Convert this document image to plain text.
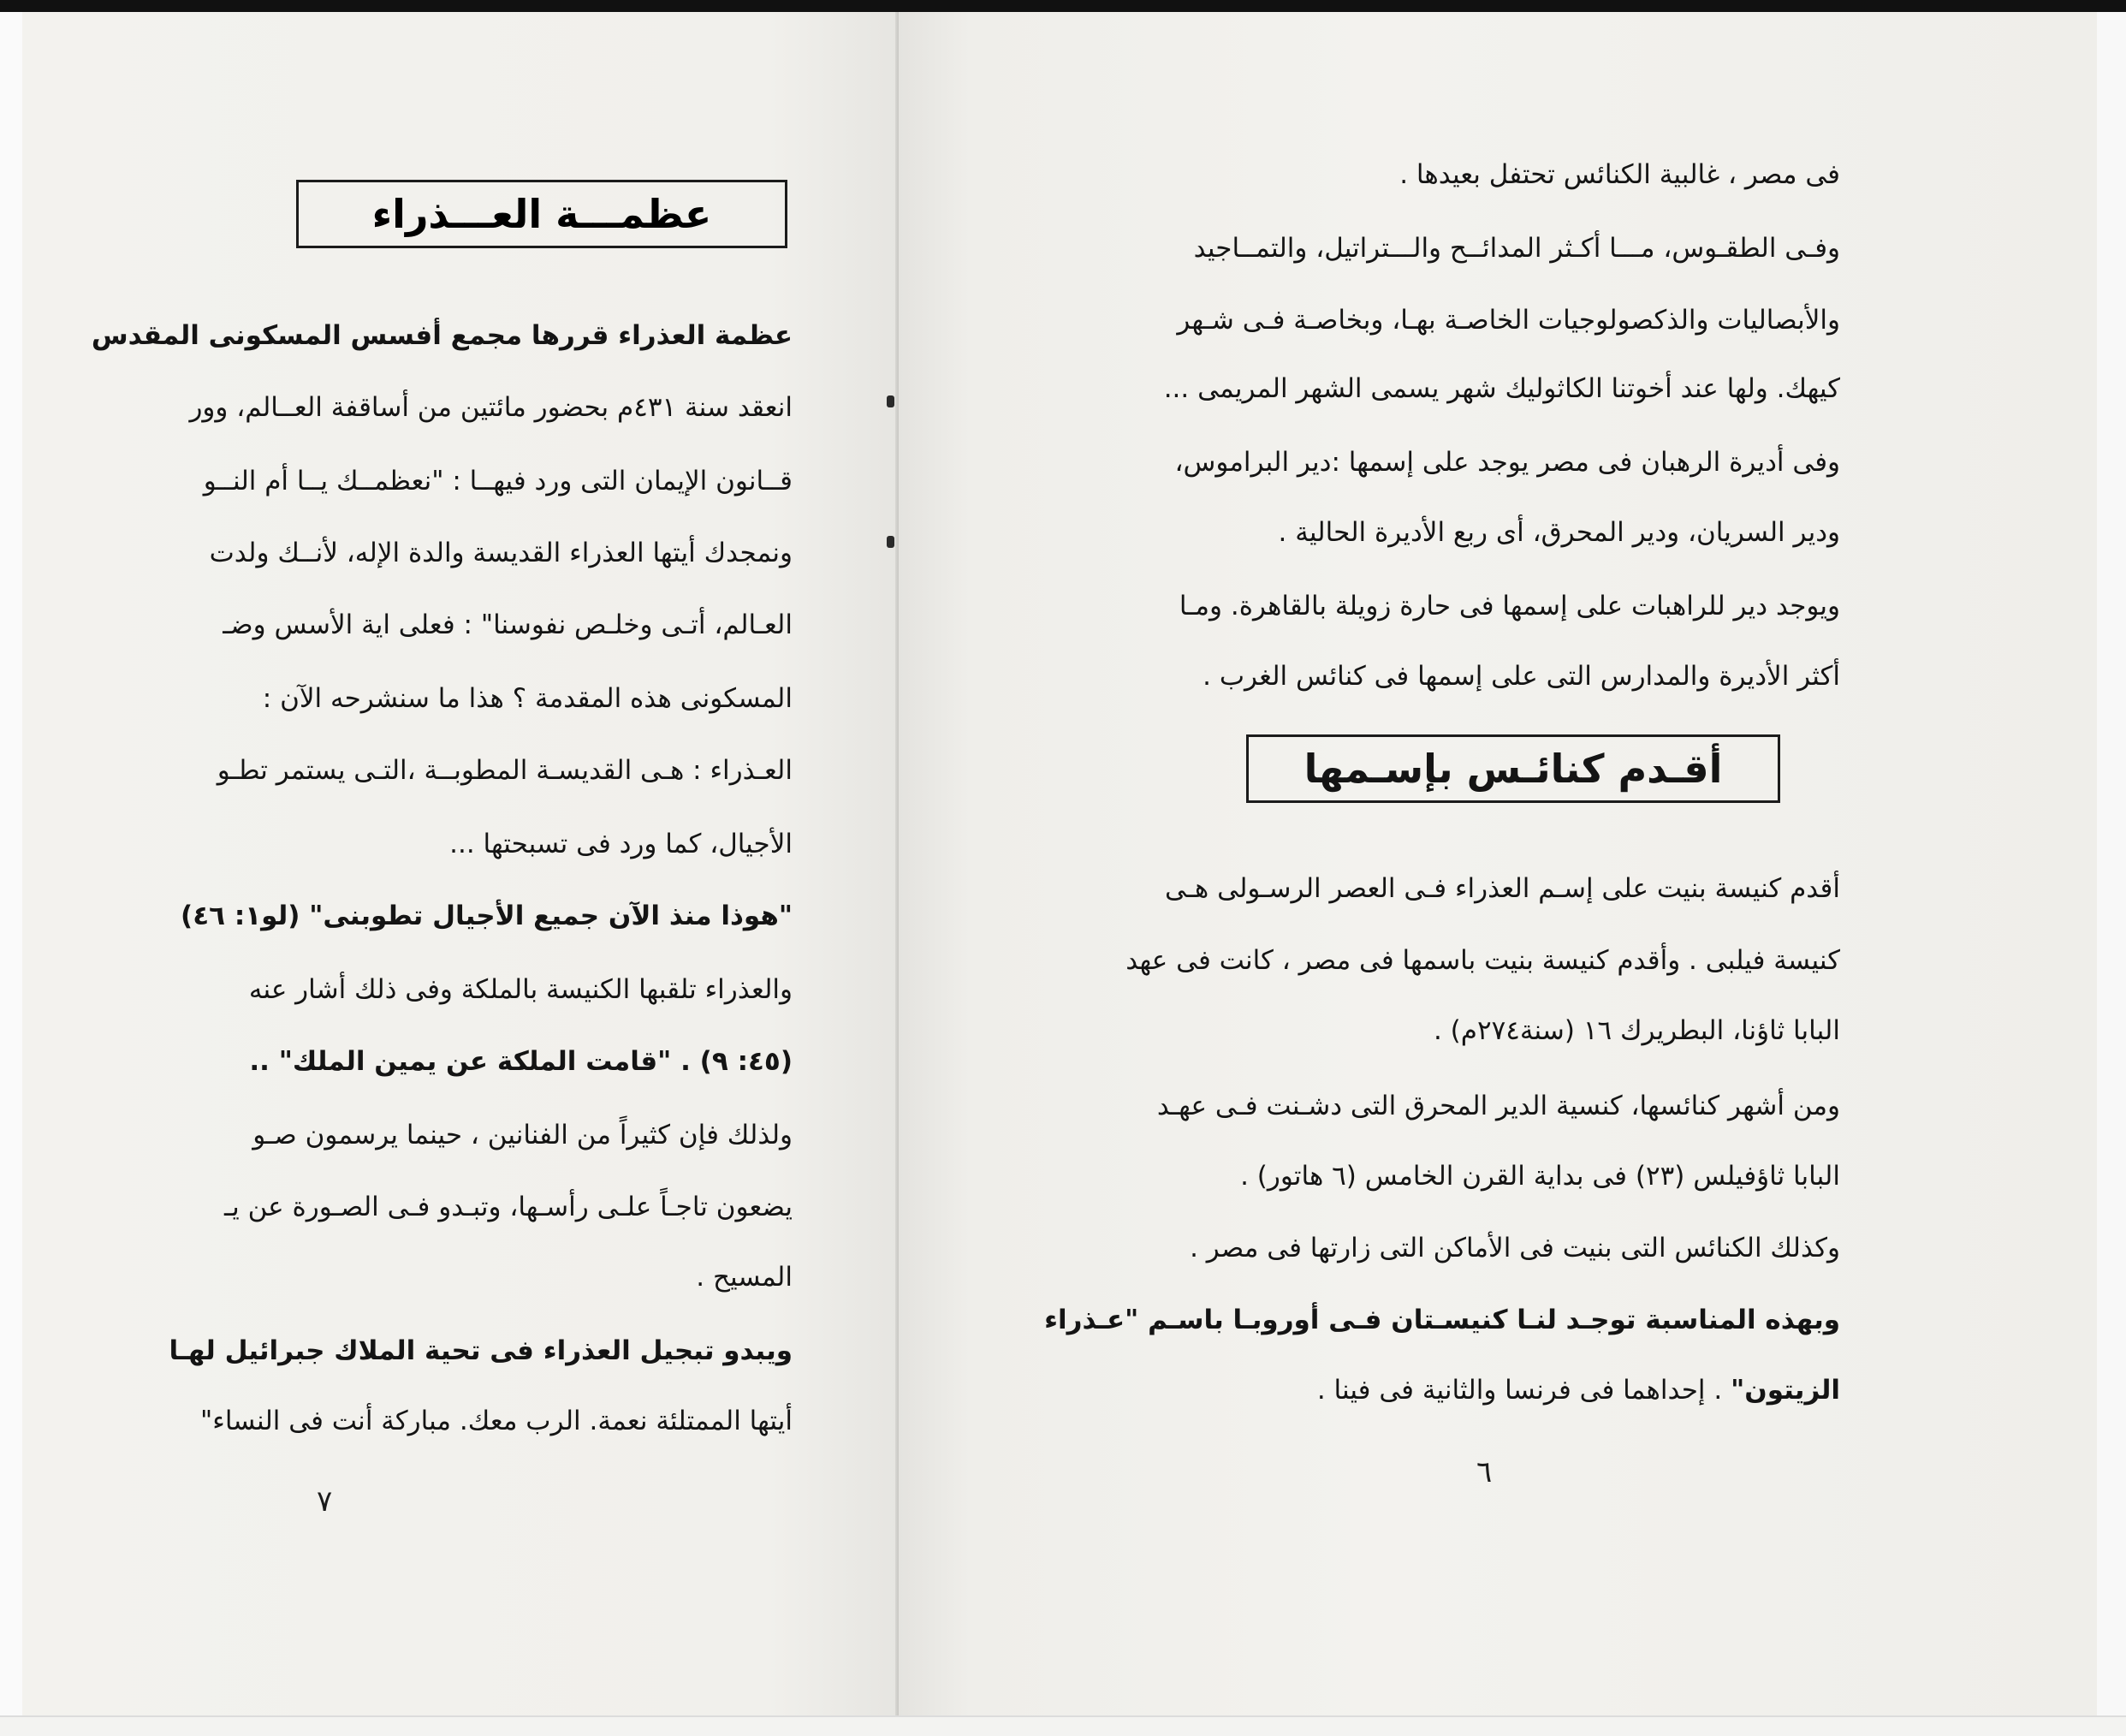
عظمـــة العـــذراء
عظمة العذراء قررها مجمع أفسس المسكونى المقدس
انعقد سنة ٤٣١م بحضور مائتين من أساقفة العــالم، وور
قــانون الإيمان التى ورد فيهــا : "نعظمــك يــا أم النــو
ونمجدك أيتها العذراء القديسة والدة الإله، لأنــك ولدت
العـالم، أتـى وخلـص نفوسنا" : فعلى اية الأسس وضـ
المسكونى هذه المقدمة ؟ هذا ما سنشرحه الآن :
العـذراء : هـى القديسـة المطوبــة ،التـى يستمر تطـو
الأجيال، كما ورد فى تسبحتها ...
"هوذا منذ الآن جميع الأجيال تطوبنى" (لو١: ٤٦)
والعذراء تلقبها الكنيسة بالملكة وفى ذلك أشار عنه
(٤٥: ٩) . "قامت الملكة عن يمين الملك" ..
ولذلك فإن كثيراً من الفنانين ، حينما يرسمون صـو
يضعون تاجـاً علـى رأسـها، وتبـدو فـى الصـورة عن يـ
المسيح .
ويبدو تبجيل العذراء فى تحية الملاك جبرائيل لهـا
أيتها الممتلئة نعمة. الرب معك. مباركة أنت فى النساء"
٧
فى مصر ، غالبية الكنائس تحتفل بعيدها .
وفـى الطقـوس، مـــا أكـثر المدائــح والـــتراتيل، والتمــاجيد
والأبصاليات والذكصولوجيات الخاصـة بهـا، وبخاصـة فـى شـهر
كيهك. ولها عند أخوتنا الكاثوليك شهر يسمى الشهر المريمى ...
وفى أديرة الرهبان فى مصر يوجد على إسمها :دير البراموس،
ودير السريان، ودير المحرق، أى ربع الأديرة الحالية .
ويوجد دير للراهبات على إسمها فى حارة زويلة بالقاهرة. ومـا
أكثر الأديرة والمدارس التى على إسمها فى كنائس الغرب .
أقـدم كنائـس بإسـمها
أقدم كنيسة بنيت على إسـم العذراء فـى العصر الرسـولى هـى
كنيسة فيلبى . وأقدم كنيسة بنيت باسمها فى مصر ، كانت فى عهد
البابا ثاؤنا، البطريرك ١٦ (سنة٢٧٤م) .
ومن أشهر كنائسها، كنسية الدير المحرق التى دشـنت فـى عهـد
البابا ثاؤفيلس (٢٣) فى بداية القرن الخامس (٦ هاتور) .
وكذلك الكنائس التى بنيت فى الأماكن التى زارتها فى مصر .
وبهذه المناسبة توجـد لنـا كنيسـتان فـى أوروبـا باسـم "عـذراء
الزيتون" . إحداهما فى فرنسا والثانية فى فينا .
٦
